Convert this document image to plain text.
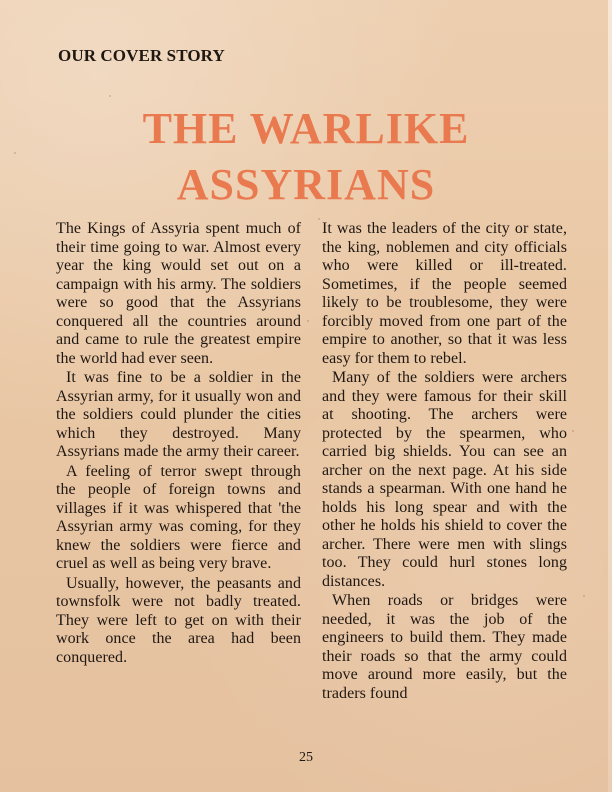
OUR COVER STORY
THE WARLIKE
ASSYRIANS

The Kings of Assyria spent much of their time going to war. Almost every year the king would set out on a campaign with his army. The soldiers were so good that the Assyrians conquered all the countries around and came to rule the greatest empire the world had ever seen.

It was fine to be a soldier in the Assyrian army, for it usually won and the soldiers could plunder the cities which they destroyed. Many Assyrians made the army their career.

A feeling of terror swept through the people of foreign towns and villages if it was whispered that 'the Assyrian army was coming, for they knew the soldiers were fierce and cruel as well as being very brave.

Usually, however, the peasants and townsfolk were not badly treated. They were left to get on with their work once the area had been conquered.

It was the leaders of the city or state, the king, noblemen and city officials who were killed or ill-treated. Sometimes, if the people seemed likely to be troublesome, they were forcibly moved from one part of the empire to another, so that it was less easy for them to rebel.

Many of the soldiers were archers and they were famous for their skill at shooting. The archers were protected by the spearmen, who carried big shields. You can see an archer on the next page. At his side stands a spearman. With one hand he holds his long spear and with the other he holds his shield to cover the archer. There were men with slings too. They could hurl stones long distances.

When roads or bridges were needed, it was the job of the engineers to build them. They made their roads so that the army could move around more easily, but the traders found

25
